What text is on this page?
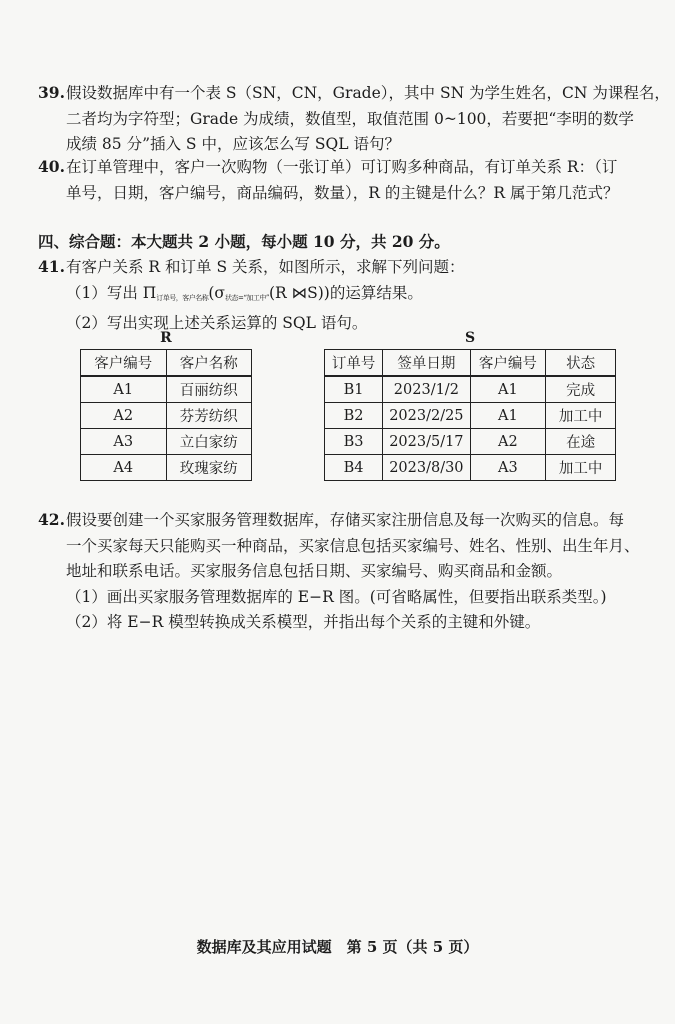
39.假设数据库中有一个表 S（SN，CN，Grade），其中 SN 为学生姓名，CN 为课程名，
二者均为字符型；Grade 为成绩，数值型，取值范围 0~100，若要把“李明的数学
成绩 85 分”插入 S 中，应该怎么写 SQL 语句？
40.在订单管理中，客户一次购物（一张订单）可订购多种商品，有订单关系 R：（订
单号，日期，客户编号，商品编码，数量），R 的主键是什么？R 属于第几范式？
四、综合题：本大题共 2 小题，每小题 10 分，共 20 分。
41.有客户关系 R 和订单 S 关系，如图所示，求解下列问题：
（1）写出 $\Pi_{订单号,客户名称}(\sigma_{状态=“加工中”}(R$ ⋈S))的运算结果。
（2）写出实现上述关系运算的 SQL 语句。
R
客户编号	客户名称
A1	百丽纺织
A2	芬芳纺织
A3	立白家纺
A4	玫瑰家纺
S
订单号	签单日期	客户编号	状态
B1	2023/1/2	A1	完成
B2	2023/2/25	A1	加工中
B3	2023/5/17	A2	在途
B4	2023/8/30	A3	加工中
42.假设要创建一个买家服务管理数据库，存储买家注册信息及每一次购买的信息。每
一个买家每天只能购买一种商品，买家信息包括买家编号、姓名、性别、出生年月、
地址和联系电话。买家服务信息包括日期、买家编号、购买商品和金额。
（1）画出买家服务管理数据库的 E−R 图。(可省略属性，但要指出联系类型。)
（2）将 E−R 模型转换成关系模型，并指出每个关系的主键和外键。
数据库及其应用试题　第 5 页（共 5 页）
